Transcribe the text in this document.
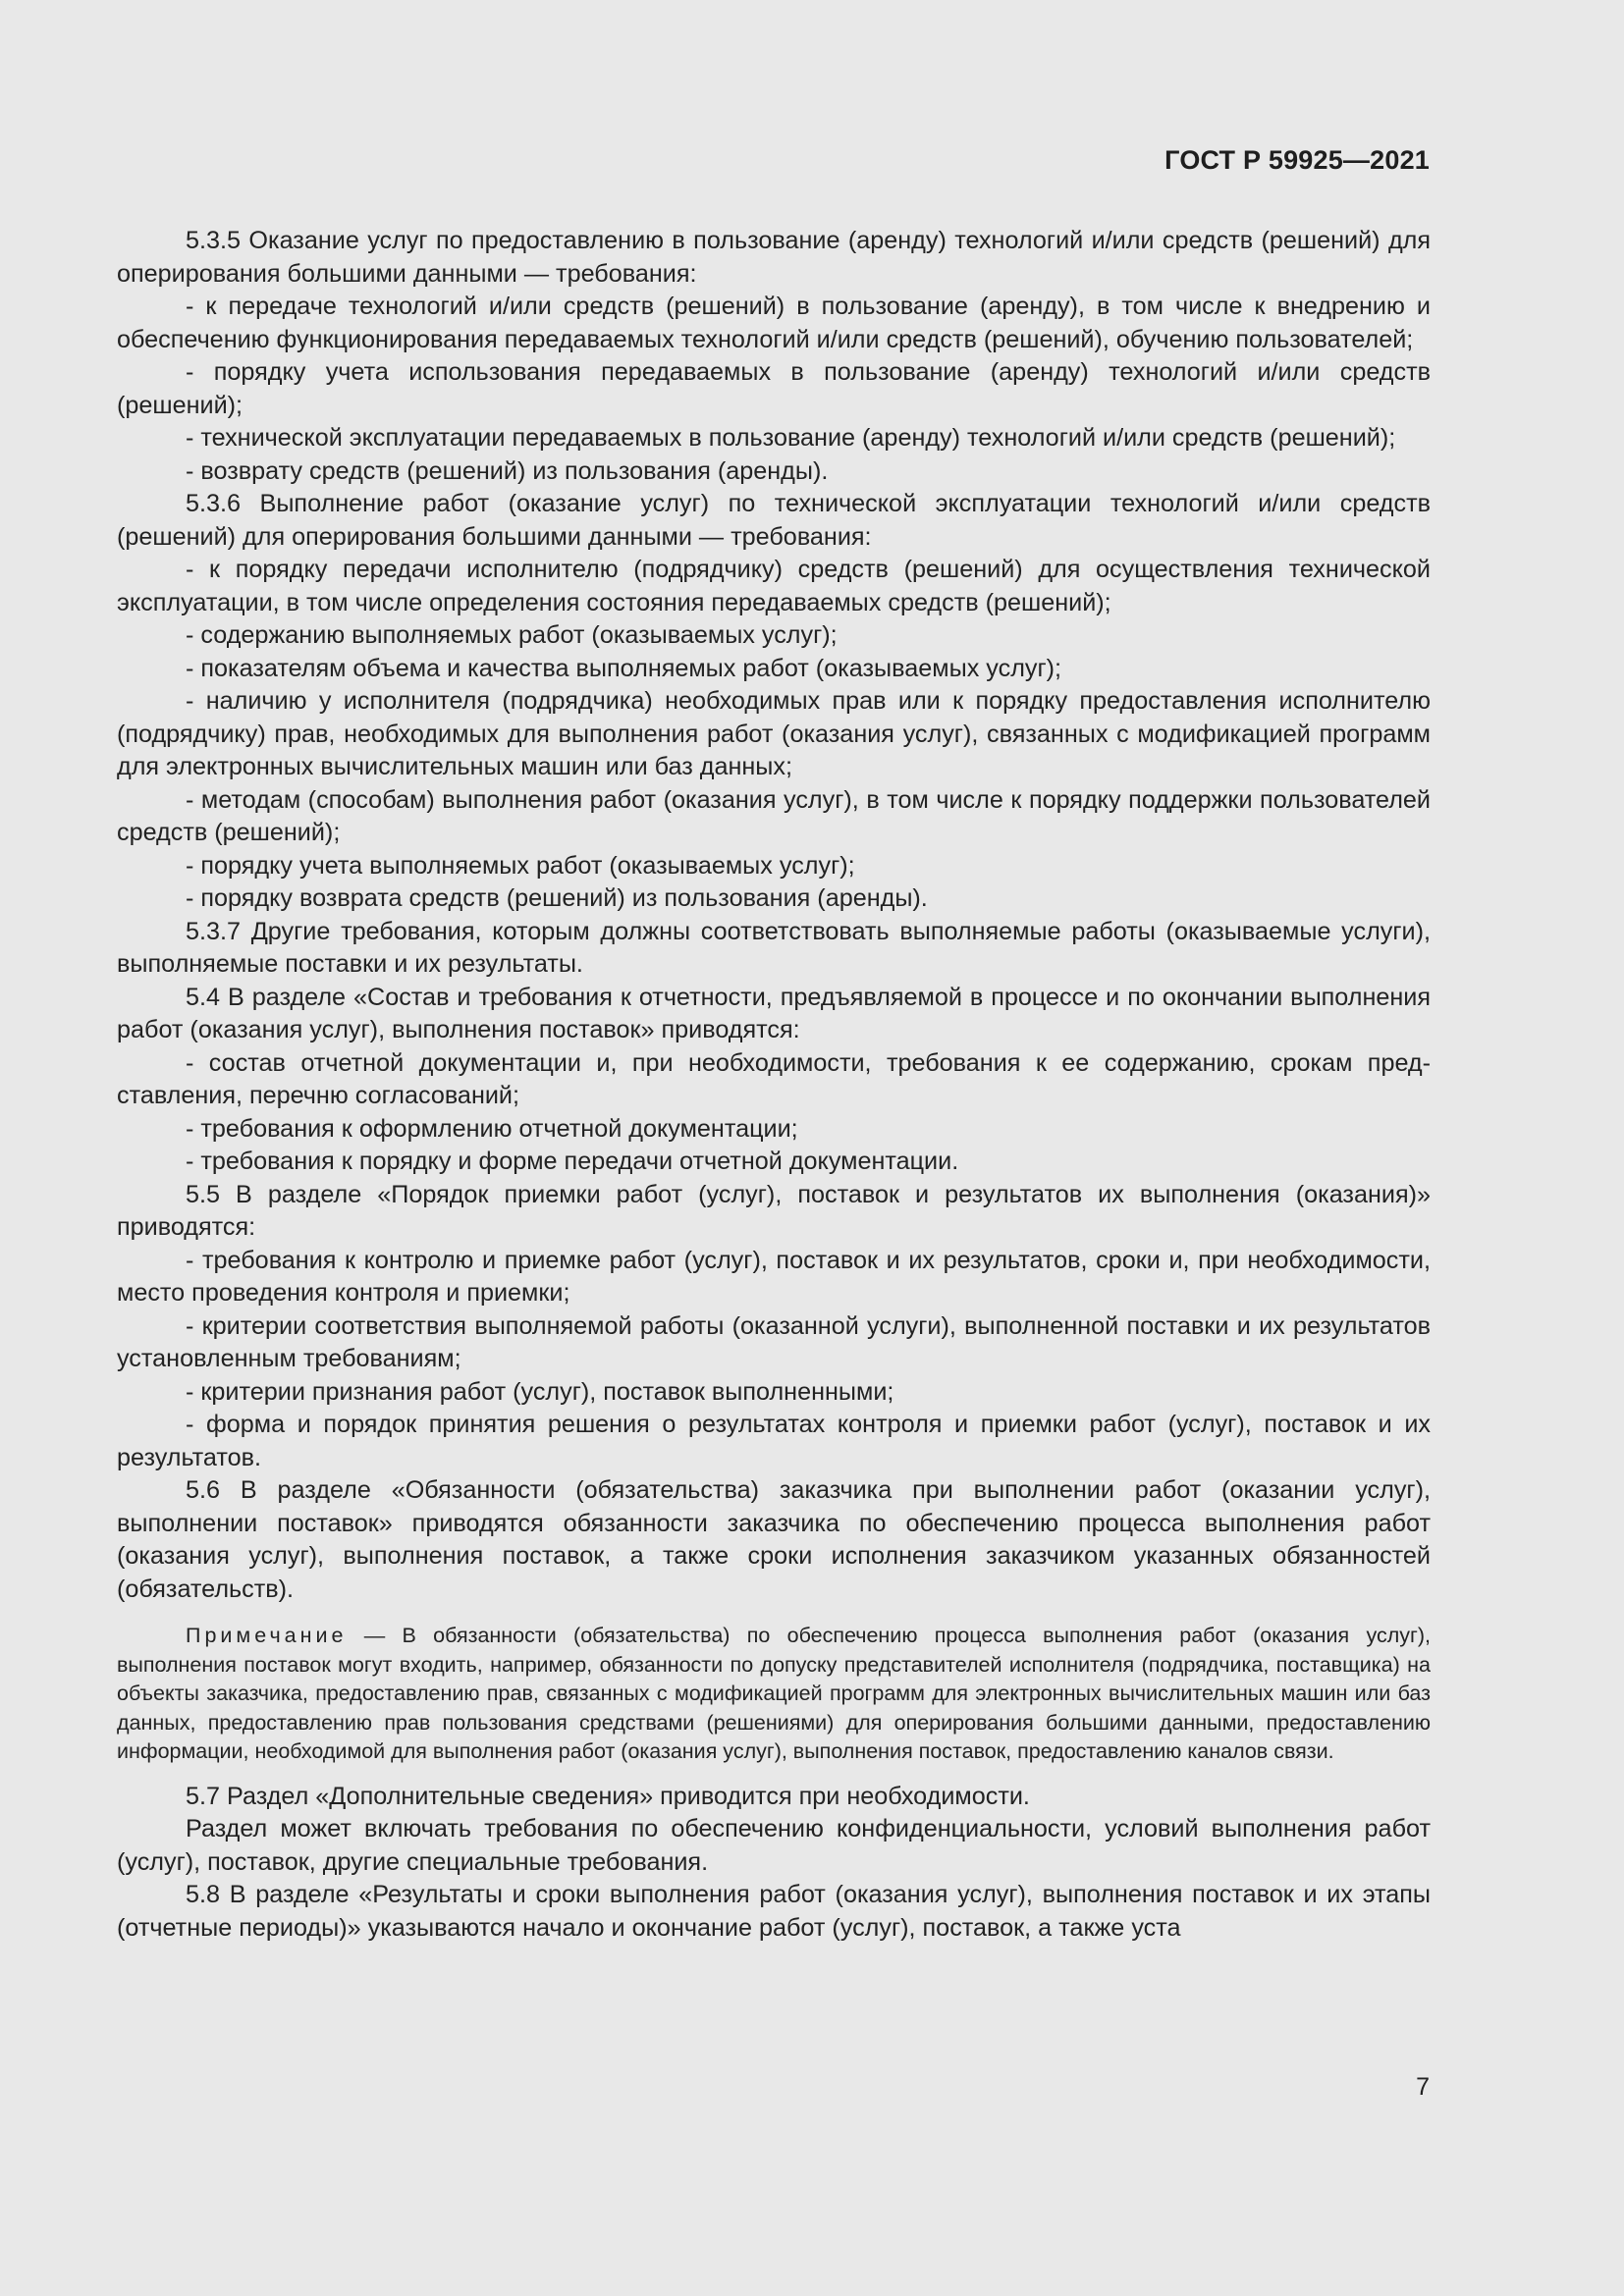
ГОСТ Р 59925—2021

5.3.5 Оказание услуг по предоставлению в пользование (аренду) технологий и/или средств (решений) для оперирования большими данными — требования:

- к передаче технологий и/или средств (решений) в пользование (аренду), в том числе к внедрению и обеспечению функционирования передаваемых технологий и/или средств (решений), обучению пользователей;

- порядку учета использования передаваемых в пользование (аренду) технологий и/или средств (решений);

- технической эксплуатации передаваемых в пользование (аренду) технологий и/или средств (решений);

- возврату средств (решений) из пользования (аренды).

5.3.6 Выполнение работ (оказание услуг) по технической эксплуатации технологий и/или средств (решений) для оперирования большими данными — требования:

- к порядку передачи исполнителю (подрядчику) средств (решений) для осуществления технической эксплуатации, в том числе определения состояния передаваемых средств (решений);

- содержанию выполняемых работ (оказываемых услуг);

- показателям объема и качества выполняемых работ (оказываемых услуг);

- наличию у исполнителя (подрядчика) необходимых прав или к порядку предоставления исполнителю (подрядчику) прав, необходимых для выполнения работ (оказания услуг), связанных с модификацией программ для электронных вычислительных машин или баз данных;

- методам (способам) выполнения работ (оказания услуг), в том числе к порядку поддержки пользователей средств (решений);

- порядку учета выполняемых работ (оказываемых услуг);

- порядку возврата средств (решений) из пользования (аренды).

5.3.7 Другие требования, которым должны соответствовать выполняемые работы (оказываемые услуги), выполняемые поставки и их результаты.

5.4 В разделе «Состав и требования к отчетности, предъявляемой в процессе и по окончании выполнения работ (оказания услуг), выполнения поставок» приводятся:

- состав отчетной документации и, при необходимости, требования к ее содержанию, срокам представления, перечню согласований;

- требования к оформлению отчетной документации;

- требования к порядку и форме передачи отчетной документации.

5.5 В разделе «Порядок приемки работ (услуг), поставок и результатов их выполнения (оказания)» приводятся:

- требования к контролю и приемке работ (услуг), поставок и их результатов, сроки и, при необходимости, место проведения контроля и приемки;

- критерии соответствия выполняемой работы (оказанной услуги), выполненной поставки и их результатов установленным требованиям;

- критерии признания работ (услуг), поставок выполненными;

- форма и порядок принятия решения о результатах контроля и приемки работ (услуг), поставок и их результатов.

5.6 В разделе «Обязанности (обязательства) заказчика при выполнении работ (оказании услуг), выполнении поставок» приводятся обязанности заказчика по обеспечению процесса выполнения работ (оказания услуг), выполнения поставок, а также сроки исполнения заказчиком указанных обязанностей (обязательств).

Примечание — В обязанности (обязательства) по обеспечению процесса выполнения работ (оказания услуг), выполнения поставок могут входить, например, обязанности по допуску представителей исполнителя (подрядчика, поставщика) на объекты заказчика, предоставлению прав, связанных с модификацией программ для электронных вычислительных машин или баз данных, предоставлению прав пользования средствами (решениями) для оперирования большими данными, предоставлению информации, необходимой для выполнения работ (оказания услуг), выполнения поставок, предоставлению каналов связи.

5.7 Раздел «Дополнительные сведения» приводится при необходимости.

Раздел может включать требования по обеспечению конфиденциальности, условий выполнения работ (услуг), поставок, другие специальные требования.

5.8 В разделе «Результаты и сроки выполнения работ (оказания услуг), выполнения поставок и их этапы (отчетные периоды)» указываются начало и окончание работ (услуг), поставок, а также уста

7
